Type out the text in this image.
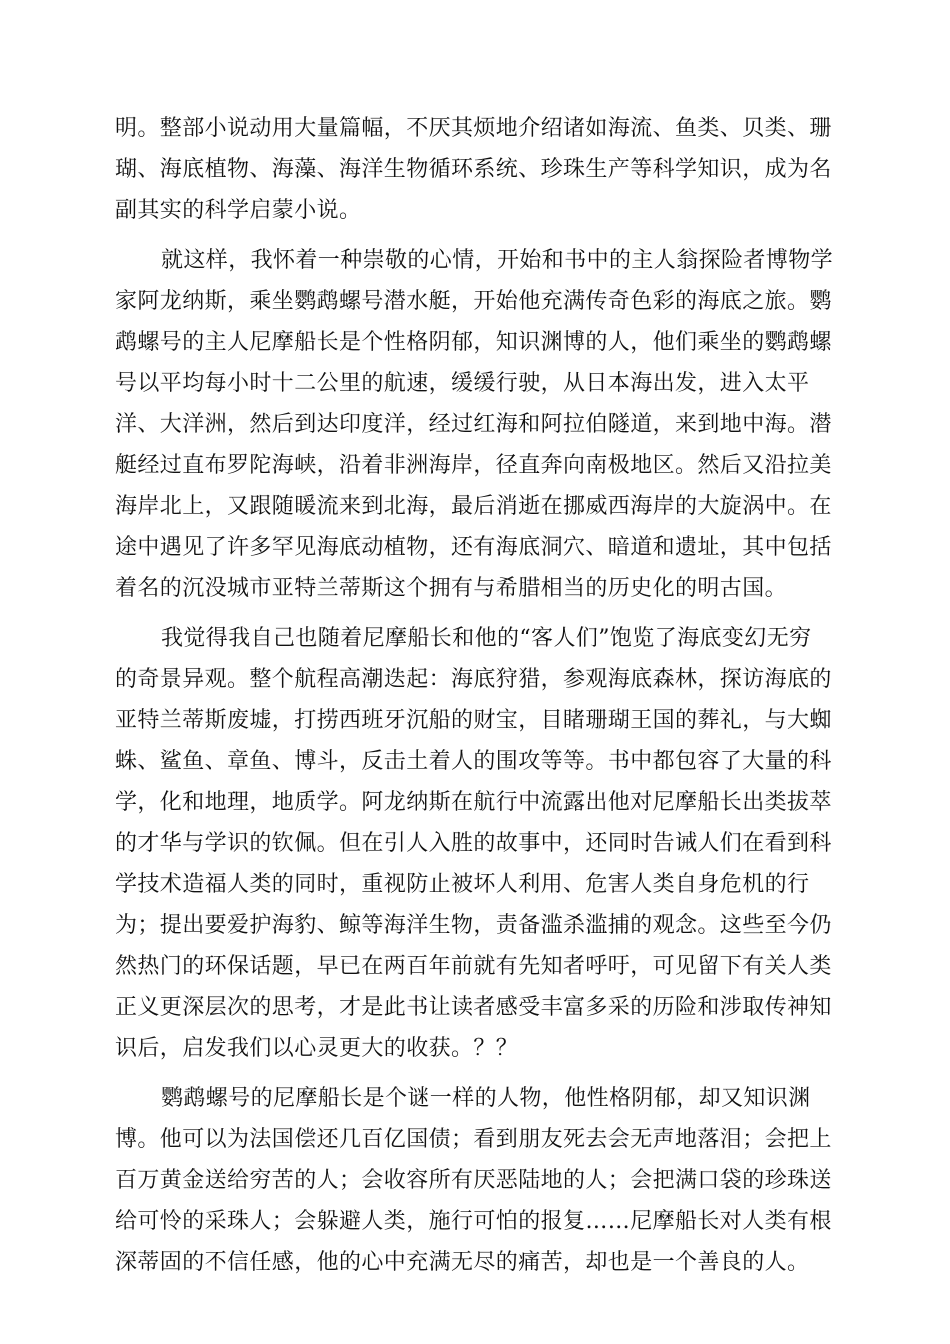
明。整部小说动用大量篇幅，不厌其烦地介绍诸如海流、鱼类、贝类、珊
瑚、海底植物、海藻、海洋生物循环系统、珍珠生产等科学知识，成为名
副其实的科学启蒙小说。
就这样，我怀着一种崇敬的心情，开始和书中的主人翁探险者博物学
家阿龙纳斯，乘坐鹦鹉螺号潜水艇，开始他充满传奇色彩的海底之旅。鹦
鹉螺号的主人尼摩船长是个性格阴郁，知识渊博的人，他们乘坐的鹦鹉螺
号以平均每小时十二公里的航速，缓缓行驶，从日本海出发，进入太平
洋、大洋洲，然后到达印度洋，经过红海和阿拉伯隧道，来到地中海。潜
艇经过直布罗陀海峡，沿着非洲海岸，径直奔向南极地区。然后又沿拉美
海岸北上，又跟随暖流来到北海，最后消逝在挪威西海岸的大旋涡中。在
途中遇见了许多罕见海底动植物，还有海底洞穴、暗道和遗址，其中包括
着名的沉没城市亚特兰蒂斯这个拥有与希腊相当的历史化的明古国。
我觉得我自己也随着尼摩船长和他的“客人们”饱览了海底变幻无穷
的奇景异观。整个航程高潮迭起：海底狩猎，参观海底森林，探访海底的
亚特兰蒂斯废墟，打捞西班牙沉船的财宝，目睹珊瑚王国的葬礼，与大蜘
蛛、鲨鱼、章鱼、博斗，反击土着人的围攻等等。书中都包容了大量的科
学，化和地理，地质学。阿龙纳斯在航行中流露出他对尼摩船长出类拔萃
的才华与学识的钦佩。但在引人入胜的故事中，还同时告诫人们在看到科
学技术造福人类的同时，重视防止被坏人利用、危害人类自身危机的行
为；提出要爱护海豹、鲸等海洋生物，责备滥杀滥捕的观念。这些至今仍
然热门的环保话题，早已在两百年前就有先知者呼吁，可见留下有关人类
正义更深层次的思考，才是此书让读者感受丰富多采的历险和涉取传神知
识后，启发我们以心灵更大的收获。？？
鹦鹉螺号的尼摩船长是个谜一样的人物，他性格阴郁，却又知识渊
博。他可以为法国偿还几百亿国债；看到朋友死去会无声地落泪；会把上
百万黄金送给穷苦的人；会收容所有厌恶陆地的人；会把满口袋的珍珠送
给可怜的采珠人；会躲避人类，施行可怕的报复……尼摩船长对人类有根
深蒂固的不信任感，他的心中充满无尽的痛苦，却也是一个善良的人。
